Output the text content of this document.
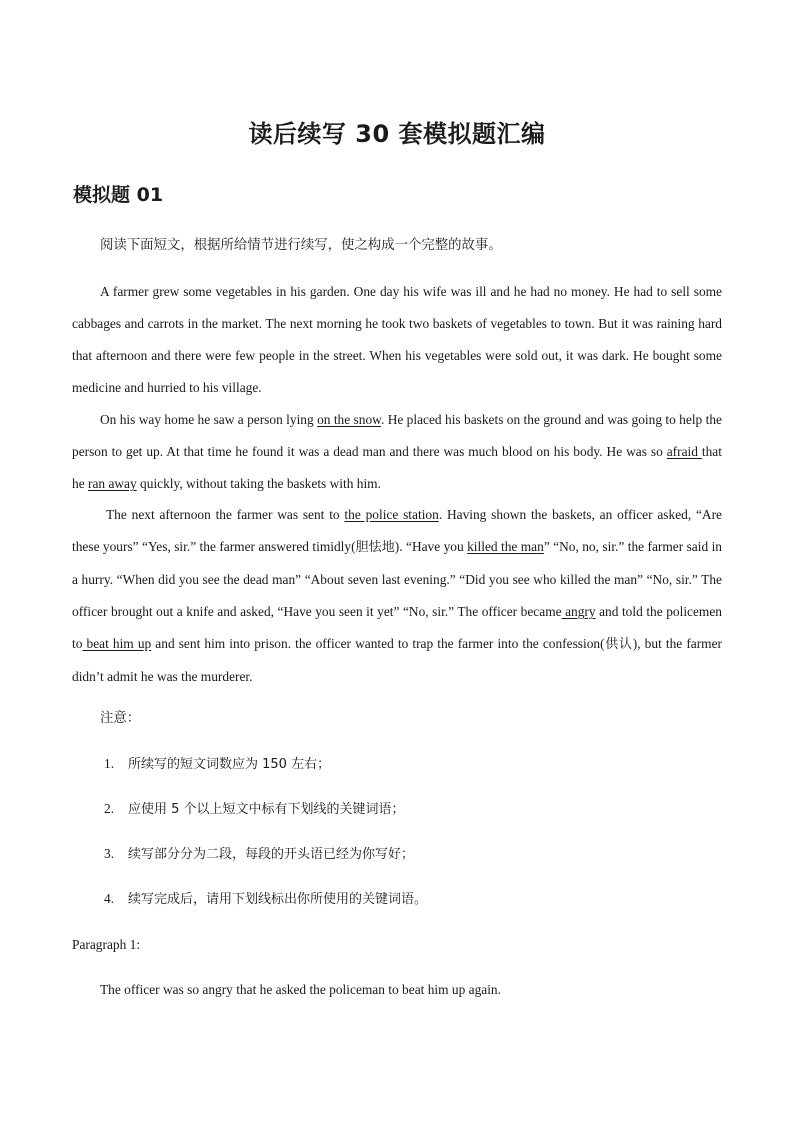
读后续写 30 套模拟题汇编
模拟题 01

阅读下面短文，根据所给情节进行续写，使之构成一个完整的故事。

A farmer grew some vegetables in his garden. One day his wife was ill and he had no money. He had to sell some cabbages and carrots in the market. The next morning he took two baskets of vegetables to town. But it was raining hard that afternoon and there were few people in the street. When his vegetables were sold out, it was dark. He bought some medicine and hurried to his village.

On his way home he saw a person lying on the snow. He placed his baskets on the ground and was going to help the person to get up. At that time he found it was a dead man and there was much blood on his body. He was so afraid that he ran away quickly, without taking the baskets with him.

The next afternoon the farmer was sent to the police station. Having shown the baskets, an officer asked, “Are these yours” “Yes, sir.” the farmer answered timidly(胆怯地). “Have you killed the man” “No, no, sir.” the farmer said in a hurry. “When did you see the dead man” “About seven last evening.” “Did you see who killed the man” “No, sir.” The officer brought out a knife and asked, “Have you seen it yet” “No, sir.” The officer became angry and told the policemen to beat him up and sent him into prison. the officer wanted to trap the farmer into the confession(供认), but the farmer didn’t admit he was the murderer.

注意：

1. 所续写的短文词数应为 150 左右；

2. 应使用 5 个以上短文中标有下划线的关键词语；

3. 续写部分分为二段，每段的开头语已经为你写好；

4. 续写完成后，请用下划线标出你所使用的关键词语。

Paragraph 1:

The officer was so angry that he asked the policeman to beat him up again.
